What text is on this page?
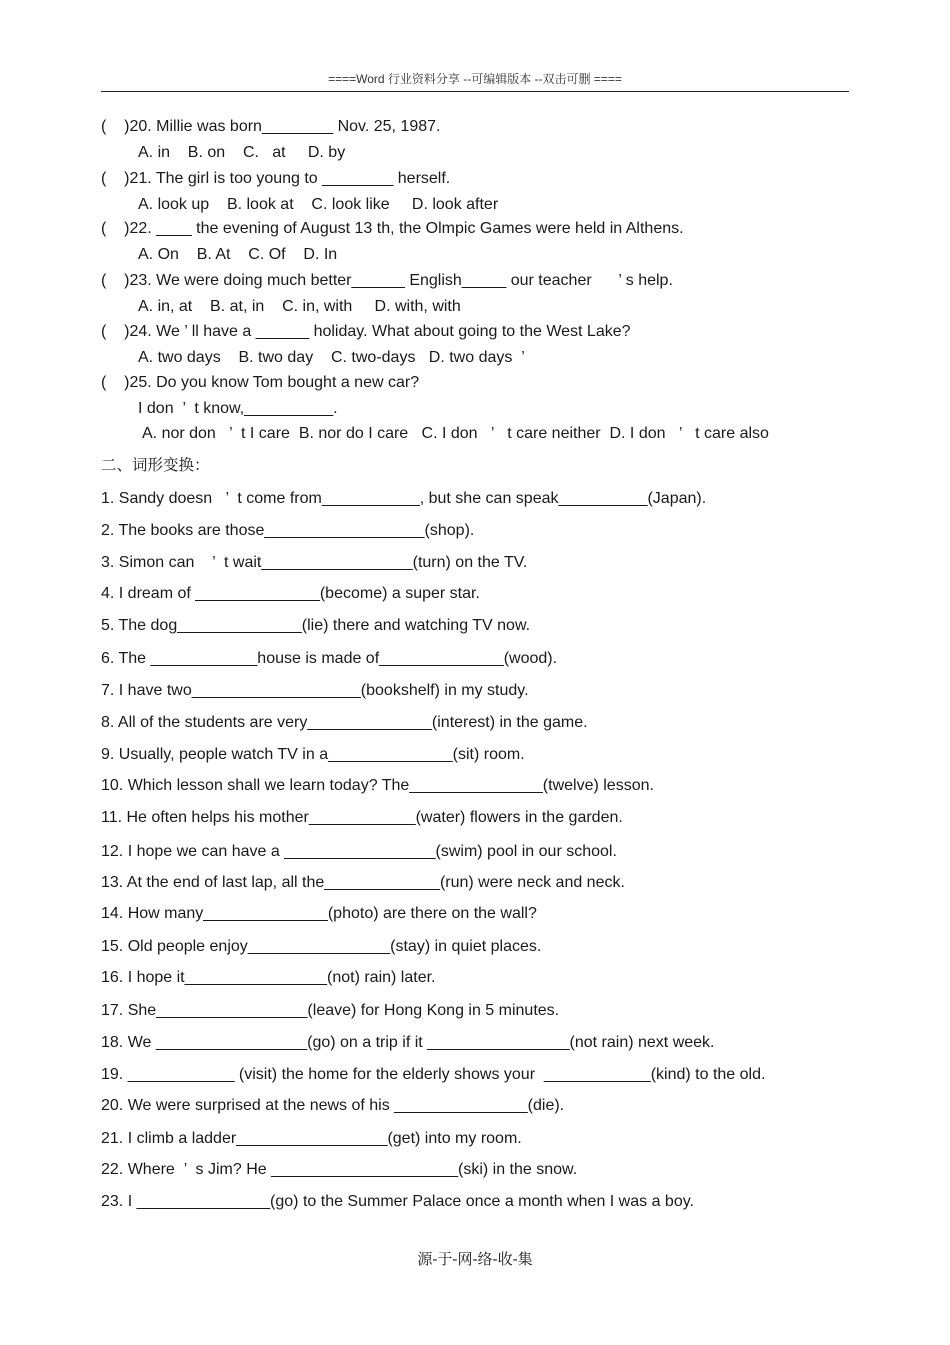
====Word 行业资料分享 --可编辑版本 --双击可删 ====
(    )20. Millie was born________ Nov. 25, 1987.
A. in    B. on    C.   at     D. by
(    )21. The girl is too young to ________ herself.
A. look up    B. look at    C. look like     D. look after
(    )22. ____ the evening of August 13 th, the Olmpic Games were held in Althens.
A. On    B. At    C. Of    D. In
(    )23. We were doing much better______ English_____ our teacher      ’ s help.
A. in, at    B. at, in    C. in, with     D. with, with
(    )24. We ’ ll have a ______ holiday. What about going to the West Lake?
A. two days    B. two day    C. two-days   D. two days  ’
(    )25. Do you know Tom bought a new car?
I don  ’  t know,__________.
A. nor don   ’  t I care  B. nor do I care   C. I don   ’   t care neither  D. I don   ’   t care also
二、词形变换：
1. Sandy doesn   ’  t come from___________, but she can speak__________(Japan).
2. The books are those__________________(shop).
3. Simon can    ’  t wait_________________(turn) on the TV.
4. I dream of ______________(become) a super star.
5. The dog______________(lie) there and watching TV now.
6. The ____________house is made of______________(wood).
7. I have two___________________(bookshelf) in my study.
8. All of the students are very______________(interest) in the game.
9. Usually, people watch TV in a______________(sit) room.
10. Which lesson shall we learn today? The_______________(twelve) lesson.
11. He often helps his mother____________(water) flowers in the garden.
12. I hope we can have a _________________(swim) pool in our school.
13. At the end of last lap, all the_____________(run) were neck and neck.
14. How many______________(photo) are there on the wall?
15. Old people enjoy________________(stay) in quiet places.
16. I hope it________________(not) rain) later.
17. She_________________(leave) for Hong Kong in 5 minutes.
18. We _________________(go) on a trip if it ________________(not rain) next week.
19. ____________ (visit) the home for the elderly shows your  ____________(kind) to the old.
20. We were surprised at the news of his _______________(die).
21. I climb a ladder_________________(get) into my room.
22. Where  ’  s Jim? He _____________________(ski) in the snow.
23. I _______________(go) to the Summer Palace once a month when I was a boy.
源-于-网-络-收-集
